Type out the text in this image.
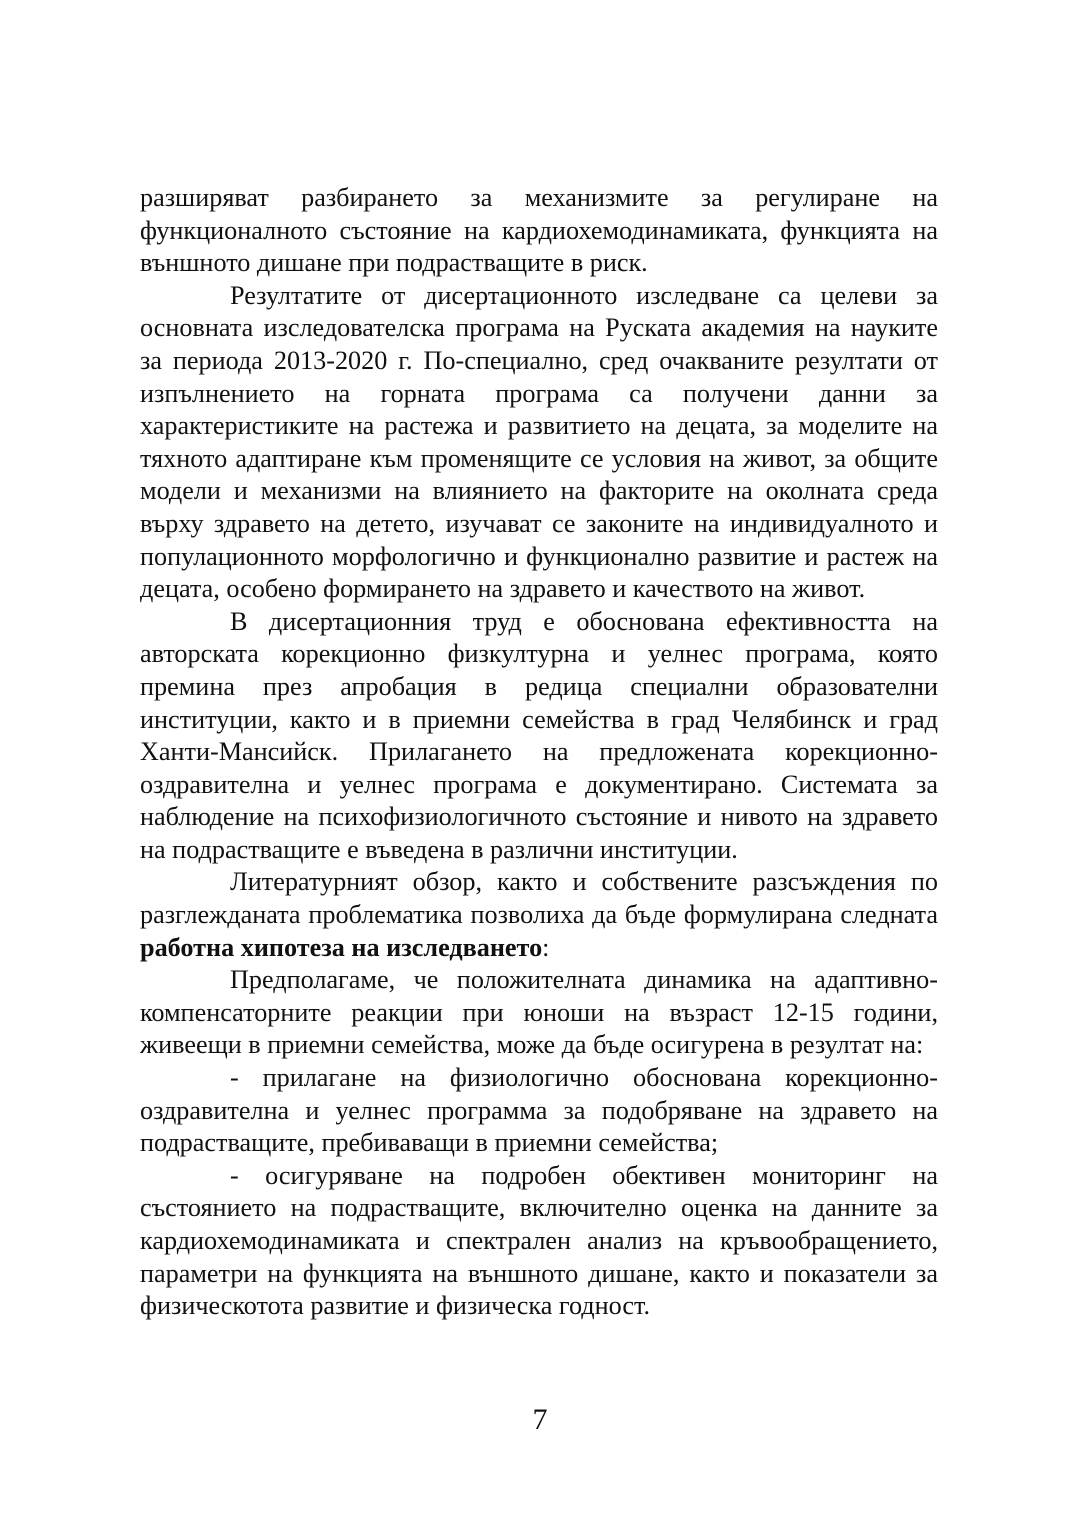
разширяват разбирането за механизмите за регулиране на функционалното състояние на кардиохемодинамиката, функцията на външното дишане при подрастващите в риск.

Резултатите от дисертационното изследване са целеви за основната изследователска програма на Руската академия на науките за периода 2013-2020 г. По-специално, сред очакваните резултати от изпълнението на горната програма са получени данни за характеристиките на растежа и развитието на децата, за моделите на тяхното адаптиране към променящите се условия на живот, за общите модели и механизми на влиянието на факторите на околната среда върху здравето на детето, изучават се законите на индивидуалното и популационното морфологично и функционално развитие и растеж на децата, особено формирането на здравето и качеството на живот.

В дисертационния труд е обоснована ефективността на авторската корекционно физкултурна и уелнес програма, която премина през апробация в редица специални образователни институции, както и в приемни семейства в град Челябинск и град Ханти-Мансийск. Прилагането на предложената корекционно-оздравителна и уелнес програма е документирано. Системата за наблюдение на психофизиологичното състояние и нивото на здравето на подрастващите е въведена в различни институции.

Литературният обзор, както и собствените разсъждения по разглежданата проблематика позволиха да бъде формулирана следната работна хипотеза на изследването:

Предполагаме, че положителната динамика на адаптивно-компенсаторните реакции при юноши на възраст 12-15 години, живеещи в приемни семейства, може да бъде осигурена в резултат на:

- прилагане на физиологично обоснована корекционно-оздравителна и уелнес программа за подобряване на здравето на подрастващите, пребиваващи в приемни семейства;

- осигуряване на подробен обективен мониторинг на състоянието на подрастващите, включително оценка на данните за кардиохемодинамиката и спектрален анализ на кръвообращението, параметри на функцията на външното дишане, както и показатели за физическотота развитие и физическа годност.

7
